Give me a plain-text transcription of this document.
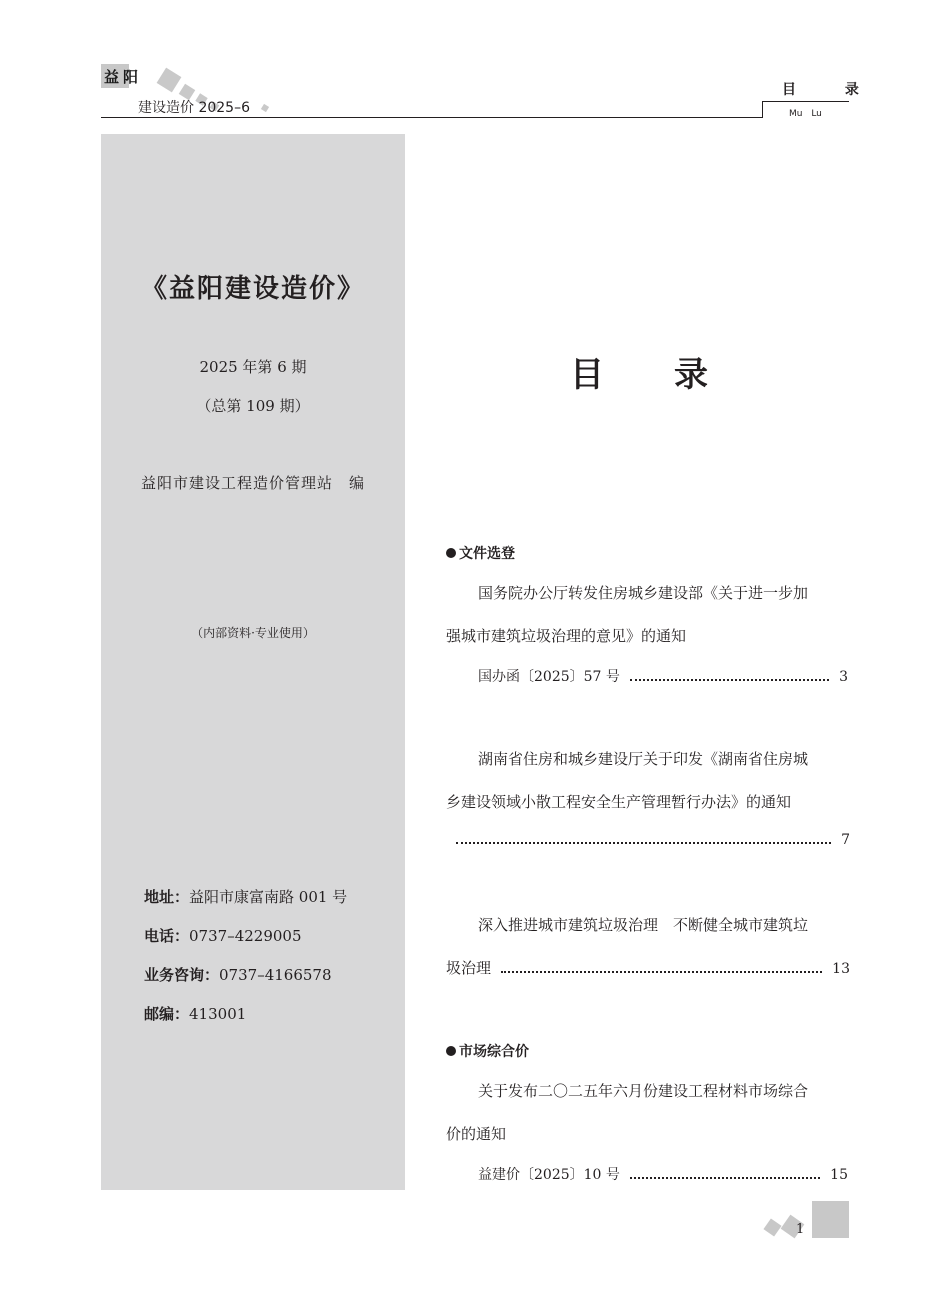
益阳
建设造价 2025–6
目 录
Mu Lu
《益阳建设造价》
2025 年第 6 期
（总第 109 期）
益阳市建设工程造价管理站　编
（内部资料·专业使用）
地址：益阳市康富南路 001 号
电话：0737–4229005
业务咨询：0737–4166578
邮编：413001
目 录
文件选登
国务院办公厅转发住房城乡建设部《关于进一步加
强城市建筑垃圾治理的意见》的通知
国办函〔2025〕57 号	3
湖南省住房和城乡建设厅关于印发《湖南省住房城
乡建设领域小散工程安全生产管理暂行办法》的通知
7
深入推进城市建筑垃圾治理　不断健全城市建筑垃
圾治理	13
市场综合价
关于发布二〇二五年六月份建设工程材料市场综合
价的通知
益建价〔2025〕10 号	15
1
